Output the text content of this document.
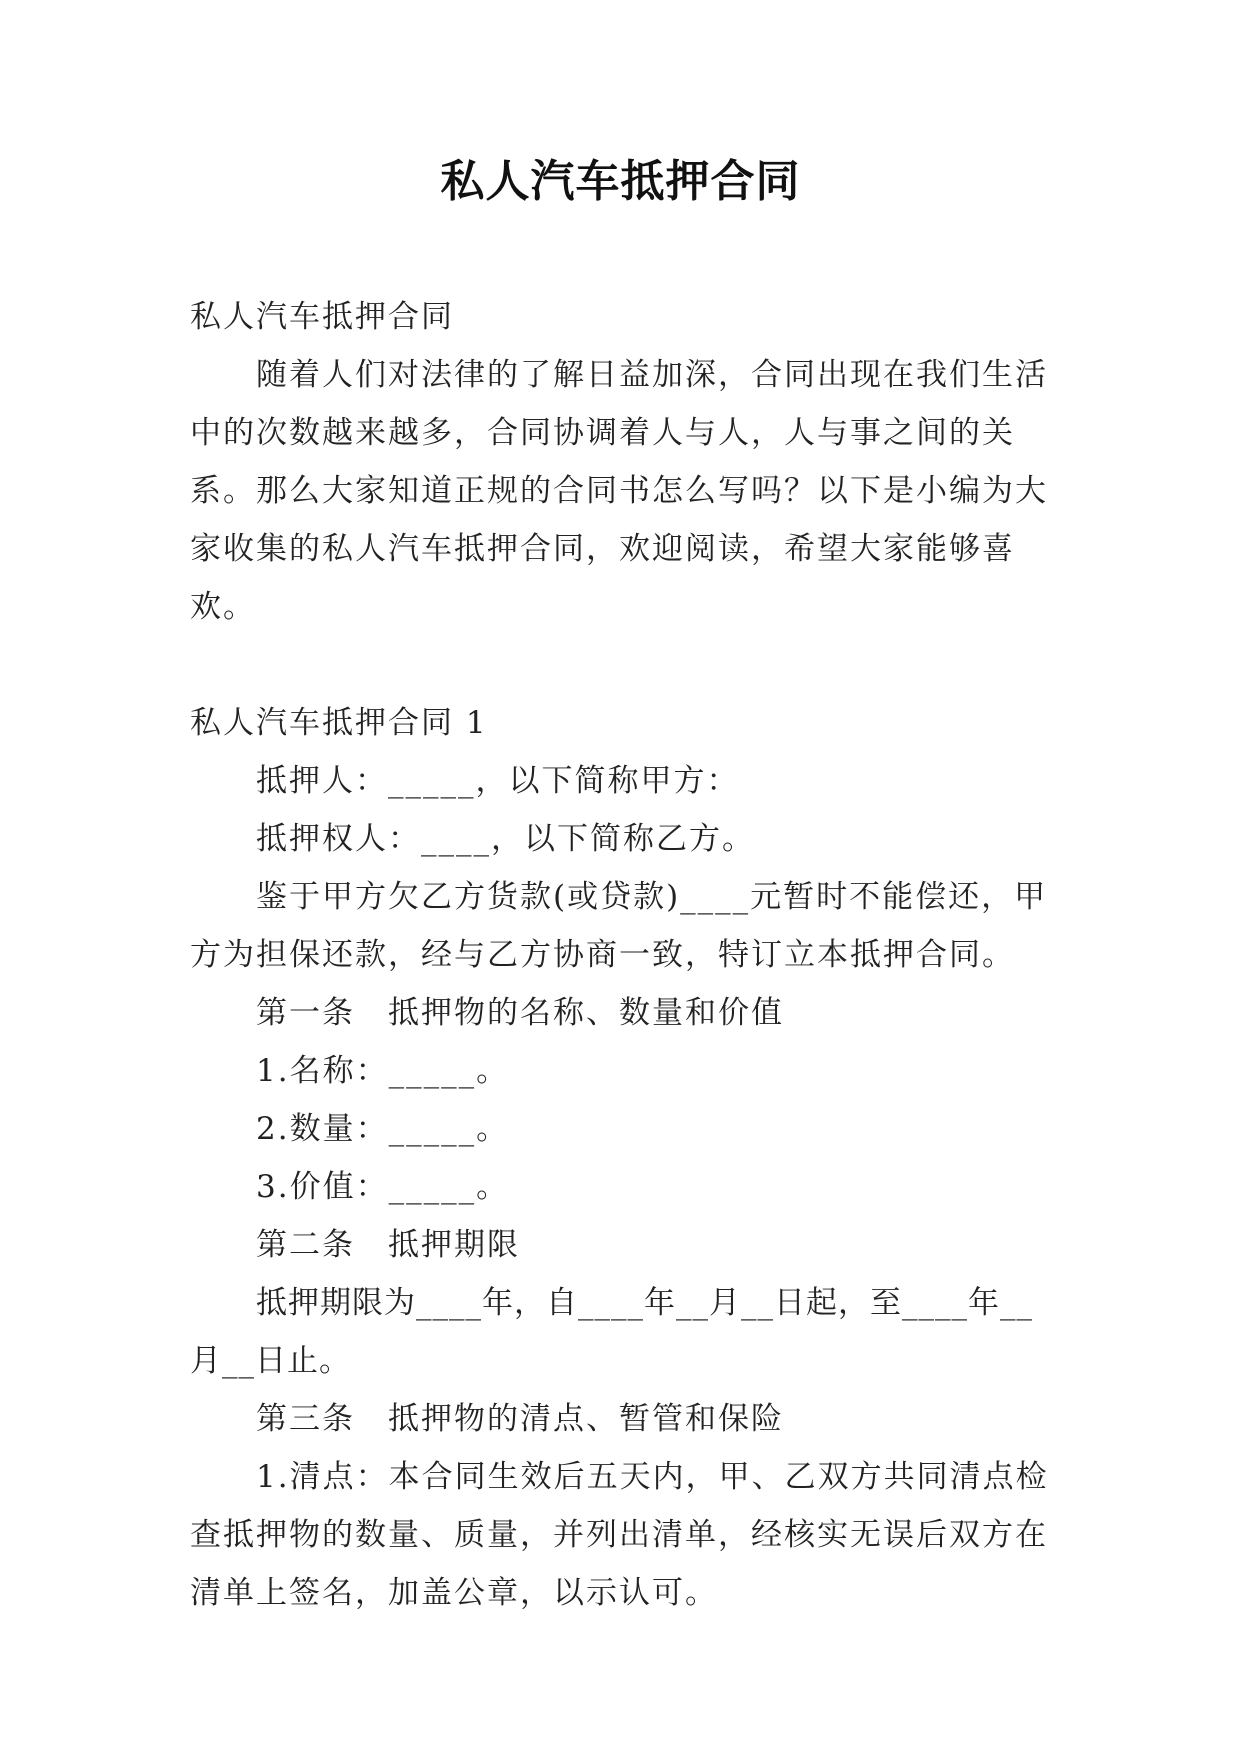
私人汽车抵押合同

私人汽车抵押合同

随着人们对法律的了解日益加深，合同出现在我们生活中的次数越来越多，合同协调着人与人，人与事之间的关系。那么大家知道正规的合同书怎么写吗？以下是小编为大家收集的私人汽车抵押合同，欢迎阅读，希望大家能够喜欢。

私人汽车抵押合同 1

抵押人：_____，以下简称甲方：

抵押权人：____，以下简称乙方。

鉴于甲方欠乙方货款(或贷款)____元暂时不能偿还，甲方为担保还款，经与乙方协商一致，特订立本抵押合同。

第一条　抵押物的名称、数量和价值

1.名称：_____。

2.数量：_____。

3.价值：_____。

第二条　抵押期限

抵押期限为____年，自____年__月__日起，至____年__月__日止。

第三条　抵押物的清点、暂管和保险

1.清点：本合同生效后五天内，甲、乙双方共同清点检查抵押物的数量、质量，并列出清单，经核实无误后双方在清单上签名，加盖公章，以示认可。
